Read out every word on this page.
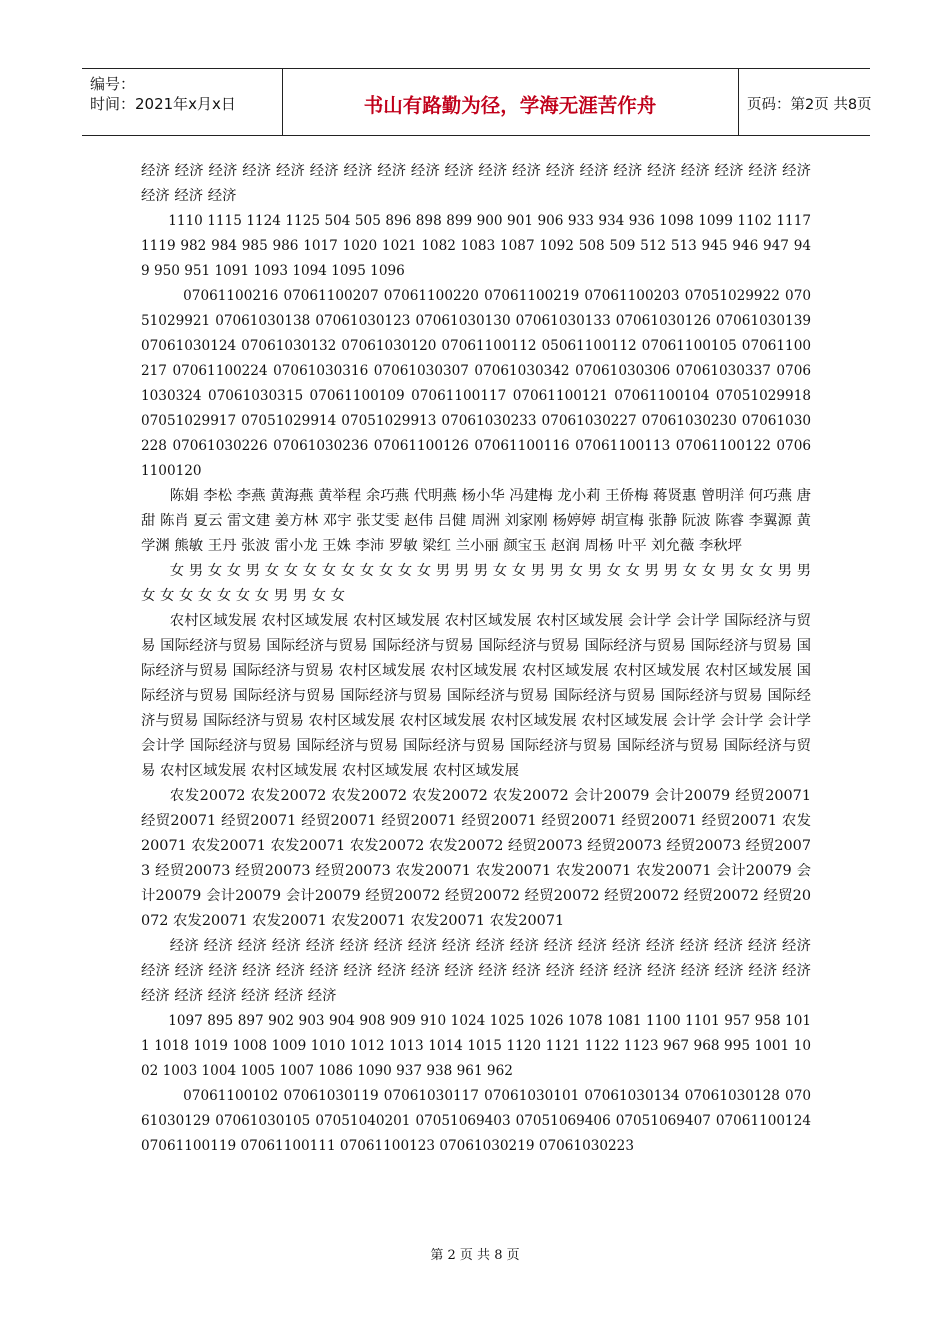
编号：
时间：2021年x月x日	书山有路勤为径，学海无涯苦作舟	页码：第2页 共8页
经济 经济 经济 经济 经济 经济 经济 经济 经济 经济 经济 经济 经济 经济 经济 经济 经济 经济 经济 经济 经济 经济 经济
1110 1115 1124 1125 504 505 896 898 899 900 901 906 933 934 936 1098 1099 1102 1117 1119 982 984 985 986 1017 1020 1021 1082 1083 1087 1092 508 509 512 513 945 946 947 949 950 951 1091 1093 1094 1095 1096
07061100216 07061100207 07061100220 07061100219 07061100203 07051029922 07051029921 07061030138 07061030123 07061030130 07061030133 07061030126 07061030139 07061030124 07061030132 07061030120 07061100112 05061100112 07061100105 07061100217 07061100224 07061030316 07061030307 07061030342 07061030306 07061030337 07061030324 07061030315 07061100109 07061100117 07061100121 07061100104 07051029918 07051029917 07051029914 07051029913 07061030233 07061030227 07061030230 07061030228 07061030226 07061030236 07061100126 07061100116 07061100113 07061100122 07061100120
陈娟 李松 李燕 黄海燕 黄举程 余巧燕 代明燕 杨小华 冯建梅 龙小莉 王侨梅 蒋贤惠 曾明洋 何巧燕 唐甜 陈肖 夏云 雷文建 姜方林 邓宇 张艾雯 赵伟 吕健 周洲 刘家刚 杨婷婷 胡宣梅 张静 阮波 陈睿 李翼源 黄学渊 熊敏 王丹 张波 雷小龙 王姝 李沛 罗敏 梁红 兰小丽 颜宝玉 赵润 周杨 叶平 刘允薇 李秋坪
女 男 女 女 男 女 女 女 女 女 女 女 女 女 男 男 男 女 女 男 男 女 男 女 女 男 男 女 女 男 女 女 男 男 女 女 女 女 女 女 女 男 男 女 女
农村区域发展 农村区域发展 农村区域发展 农村区域发展 农村区域发展 会计学 会计学 国际经济与贸易 国际经济与贸易 国际经济与贸易 国际经济与贸易 国际经济与贸易 国际经济与贸易 国际经济与贸易 国际经济与贸易 国际经济与贸易 农村区域发展 农村区域发展 农村区域发展 农村区域发展 农村区域发展 国际经济与贸易 国际经济与贸易 国际经济与贸易 国际经济与贸易 国际经济与贸易 国际经济与贸易 国际经济与贸易 国际经济与贸易 农村区域发展 农村区域发展 农村区域发展 农村区域发展 会计学 会计学 会计学 会计学 国际经济与贸易 国际经济与贸易 国际经济与贸易 国际经济与贸易 国际经济与贸易 国际经济与贸易 农村区域发展 农村区域发展 农村区域发展 农村区域发展
农发20072 农发20072 农发20072 农发20072 农发20072 会计20079 会计20079 经贸20071 经贸20071 经贸20071 经贸20071 经贸20071 经贸20071 经贸20071 经贸20071 经贸20071 农发20071 农发20071 农发20071 农发20072 农发20072 经贸20073 经贸20073 经贸20073 经贸20073 经贸20073 经贸20073 经贸20073 农发20071 农发20071 农发20071 农发20071 会计20079 会计20079 会计20079 会计20079 经贸20072 经贸20072 经贸20072 经贸20072 经贸20072 经贸20072 农发20071 农发20071 农发20071 农发20071 农发20071
经济 经济 经济 经济 经济 经济 经济 经济 经济 经济 经济 经济 经济 经济 经济 经济 经济 经济 经济 经济 经济 经济 经济 经济 经济 经济 经济 经济 经济 经济 经济 经济 经济 经济 经济 经济 经济 经济 经济 经济 经济 经济 经济 经济 经济
1097 895 897 902 903 904 908 909 910 1024 1025 1026 1078 1081 1100 1101 957 958 1011 1018 1019 1008 1009 1010 1012 1013 1014 1015 1120 1121 1122 1123 967 968 995 1001 1002 1003 1004 1005 1007 1086 1090 937 938 961 962
07061100102 07061030119 07061030117 07061030101 07061030134 07061030128 07061030129 07061030105 07051040201 07051069403 07051069406 07051069407 07061100124 07061100119 07061100111 07061100123 07061030219 07061030223
第 2 页 共 8 页
